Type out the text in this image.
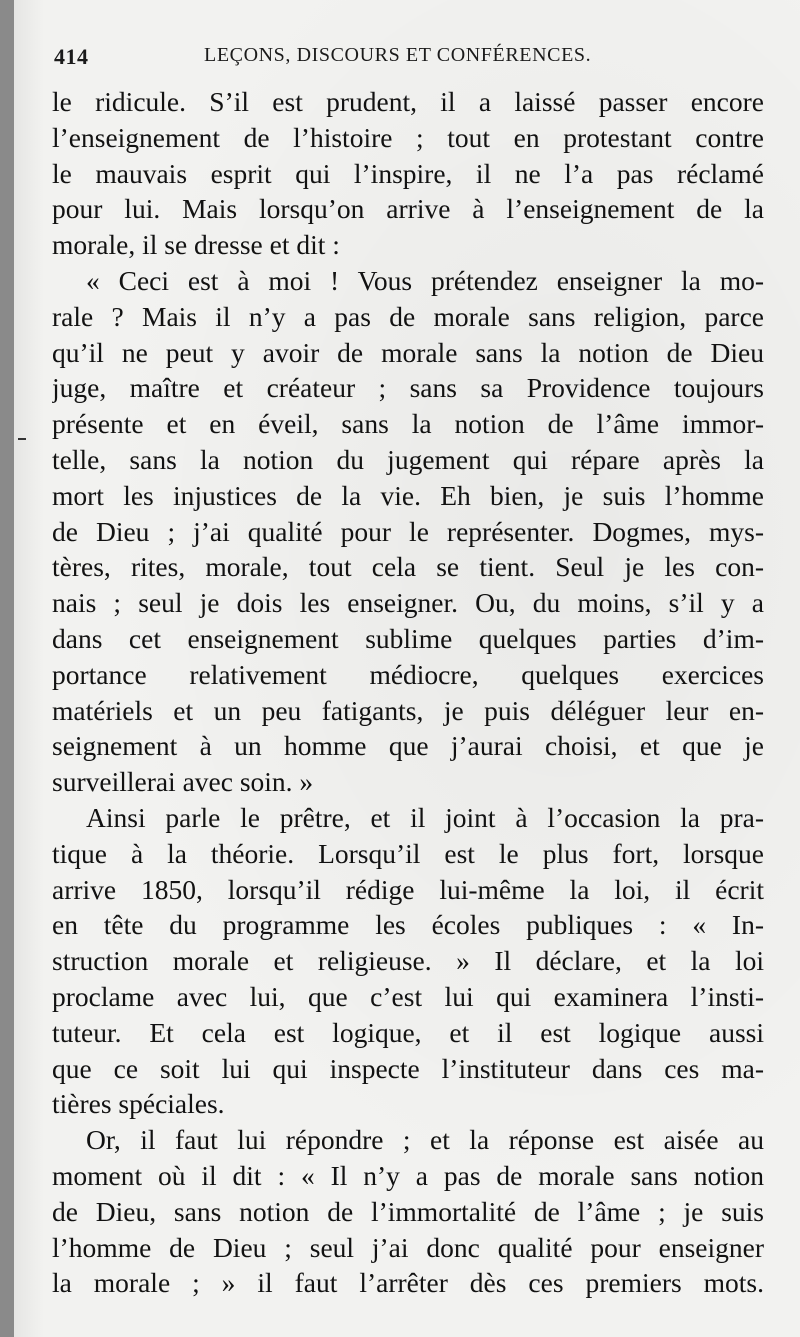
414	LEÇONS, DISCOURS ET CONFÉRENCES.
le ridicule. S’il est prudent, il a laissé passer encore
l’enseignement de l’histoire ; tout en protestant contre
le mauvais esprit qui l’inspire, il ne l’a pas réclamé
pour lui. Mais lorsqu’on arrive à l’enseignement de la
morale, il se dresse et dit :
« Ceci est à moi ! Vous prétendez enseigner la mo-
rale ? Mais il n’y a pas de morale sans religion, parce
qu’il ne peut y avoir de morale sans la notion de Dieu
juge, maître et créateur ; sans sa Providence toujours
présente et en éveil, sans la notion de l’âme immor-
telle, sans la notion du jugement qui répare après la
mort les injustices de la vie. Eh bien, je suis l’homme
de Dieu ; j’ai qualité pour le représenter. Dogmes, mys-
tères, rites, morale, tout cela se tient. Seul je les con-
nais ; seul je dois les enseigner. Ou, du moins, s’il y a
dans cet enseignement sublime quelques parties d’im-
portance relativement médiocre, quelques exercices
matériels et un peu fatigants, je puis déléguer leur en-
seignement à un homme que j’aurai choisi, et que je
surveillerai avec soin. »
Ainsi parle le prêtre, et il joint à l’occasion la pra-
tique à la théorie. Lorsqu’il est le plus fort, lorsque
arrive 1850, lorsqu’il rédige lui-même la loi, il écrit
en tête du programme les écoles publiques : « In-
struction morale et religieuse. » Il déclare, et la loi
proclame avec lui, que c’est lui qui examinera l’insti-
tuteur. Et cela est logique, et il est logique aussi
que ce soit lui qui inspecte l’instituteur dans ces ma-
tières spéciales.
Or, il faut lui répondre ; et la réponse est aisée au
moment où il dit : « Il n’y a pas de morale sans notion
de Dieu, sans notion de l’immortalité de l’âme ; je suis
l’homme de Dieu ; seul j’ai donc qualité pour enseigner
la morale ; » il faut l’arrêter dès ces premiers mots.
